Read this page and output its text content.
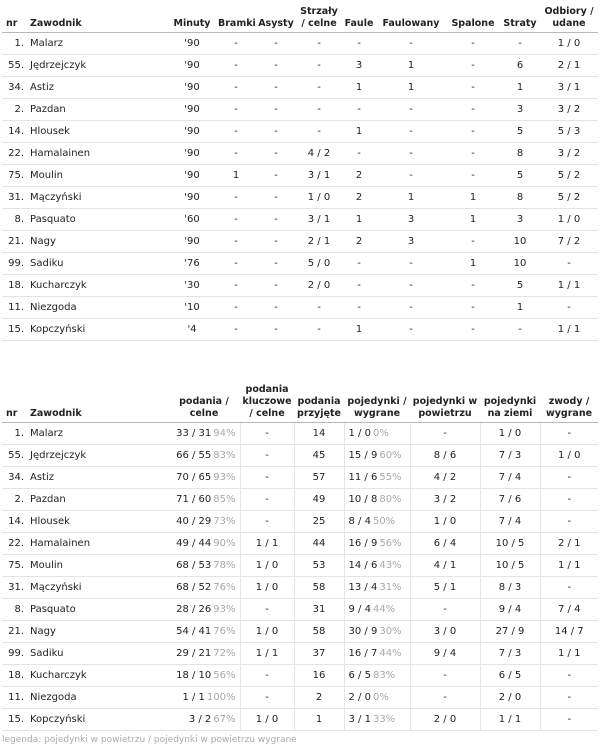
nr	Zawodnik	Minuty	Bramki	Asysty	Strzały / celne	Faule	Faulowany	Spalone	Straty	Odbiory / udane
1.	Malarz	'90	-	-	-	-	-	-	-	1 / 0
55.	Jędrzejczyk	'90	-	-	-	3	1	-	6	2 / 1
34.	Astiz	'90	-	-	-	1	1	-	1	3 / 1
2.	Pazdan	'90	-	-	-	-	-	-	3	3 / 2
14.	Hlousek	'90	-	-	-	1	-	-	5	5 / 3
22.	Hamalainen	'90	-	-	4 / 2	-	-	-	8	3 / 2
75.	Moulin	'90	1	-	3 / 1	2	-	-	5	5 / 2
31.	Mączyński	'90	-	-	1 / 0	2	1	1	8	5 / 2
8.	Pasquato	'60	-	-	3 / 1	1	3	1	3	1 / 0
21.	Nagy	'90	-	-	2 / 1	2	3	-	10	7 / 2
99.	Sadiku	'76	-	-	5 / 0	-	-	1	10	-
18.	Kucharczyk	'30	-	-	2 / 0	-	-	-	5	1 / 1
11.	Niezgoda	'10	-	-	-	-	-	-	1	-
15.	Kopczyński	'4	-	-	-	1	-	-	-	1 / 1
nr	Zawodnik	podania / celne	podania kluczowe / celne	podania przyjęte	pojedynki / wygrane	pojedynki w powietrzu	pojedynki na ziemi	zwody / wygrane
1.	Malarz	33 / 31 94%	-	14	1 / 0 0%	-	1 / 0	-
55.	Jędrzejczyk	66 / 55 83%	-	45	15 / 9 60%	8 / 6	7 / 3	1 / 0
34.	Astiz	70 / 65 93%	-	57	11 / 6 55%	4 / 2	7 / 4	-
2.	Pazdan	71 / 60 85%	-	49	10 / 8 80%	3 / 2	7 / 6	-
14.	Hlousek	40 / 29 73%	-	25	8 / 4 50%	1 / 0	7 / 4	-
22.	Hamalainen	49 / 44 90%	1 / 1	44	16 / 9 56%	6 / 4	10 / 5	2 / 1
75.	Moulin	68 / 53 78%	1 / 0	53	14 / 6 43%	4 / 1	10 / 5	1 / 1
31.	Mączyński	68 / 52 76%	1 / 0	58	13 / 4 31%	5 / 1	8 / 3	-
8.	Pasquato	28 / 26 93%	-	31	9 / 4 44%	-	9 / 4	7 / 4
21.	Nagy	54 / 41 76%	1 / 0	58	30 / 9 30%	3 / 0	27 / 9	14 / 7
99.	Sadiku	29 / 21 72%	1 / 1	37	16 / 7 44%	9 / 4	7 / 3	1 / 1
18.	Kucharczyk	18 / 10 56%	-	16	6 / 5 83%	-	6 / 5	-
11.	Niezgoda	1 / 1 100%	-	2	2 / 0 0%	-	2 / 0	-
15.	Kopczyński	3 / 2 67%	1 / 0	1	3 / 1 33%	2 / 0	1 / 1	-
legenda: pojedynki w powietrzu / pojedynki w powietrzu wygrane
